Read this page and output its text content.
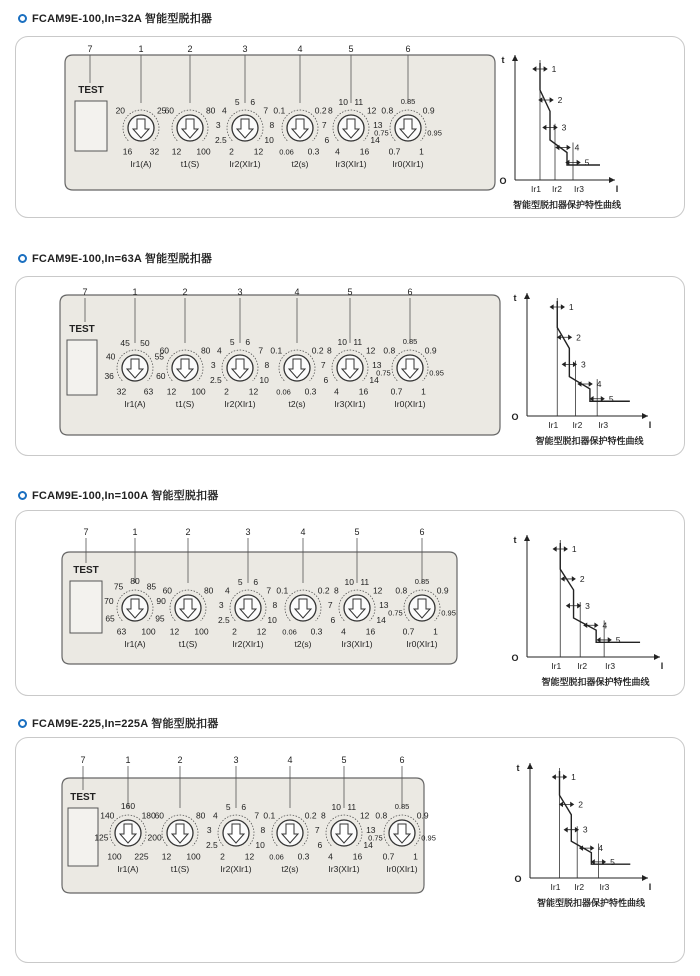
FCAM9E-100,In=32A 智能型脱扣器
FCAM9E-100,In=63A 智能型脱扣器
FCAM9E-100,In=100A 智能型脱扣器
FCAM9E-225,In=225A 智能型脱扣器
TEST
7	1
16
20	25
32
Ir1(A)
2
12
60	80
100
t1(S)
3
2
2.5
3
4
5 6
7
8
10
12
Ir2(XIr1)
4
0.06
0.1	0.2
0.3
t2(s)
5
4
6
7
8
10 11
12
13
14
16
Ir3(XIr1)
6
0.7
0.75
0.8
0.85
0.9
0.95
1
Ir0(XIr1)
t
I
O
Ir1 Ir2 Ir3
1
2
3
4
5
智能型脱扣器保护特性曲线
TEST
7	1
32
36
40
45 50
55
60
63
Ir1(A)
2
12
60	80
100
t1(S)
3
2
2.5
3
4
5 6
7
8
10
12
Ir2(XIr1)
4
0.06
0.1	0.2
0.3
t2(s)
5
4
6
7
8
10 11
12
13
14
16
Ir3(XIr1)
6
0.7
0.75
0.8
0.85
0.9
0.95
1
Ir0(XIr1)
t
I
O
Ir1 Ir2 Ir3
1
2
3
4
5
智能型脱扣器保护特性曲线
TEST
7	1
63
65
70
75
80
85
90
95
100
Ir1(A)
2
12
60	80
100
t1(S)
3
2
2.5
3
4
5 6
7
8
10
12
Ir2(XIr1)
4
0.06
0.1	0.2
0.3
t2(s)
5
4
6
7
8
10 11
12
13
14
16
Ir3(XIr1)
6
0.7
0.75
0.8
0.85
0.9
0.95
1
Ir0(XIr1)
t
I
O
Ir1 Ir2 Ir3
1
2
3
4
5
智能型脱扣器保护特性曲线
TEST
7	1
100
125
140
160
180
200
225
Ir1(A)
2
12
60	80
100
t1(S)
3
2
2.5
3
4
5 6
7
8
10
12
Ir2(XIr1)
4
0.06
0.1	0.2
0.3
t2(s)
5
4
6
7
8
10 11
12
13
14
16
Ir3(XIr1)
6
0.7
0.75
0.8
0.85
0.9
0.95
1
Ir0(XIr1)
t
I
O
Ir1 Ir2 Ir3
1
2
3
4
5
智能型脱扣器保护特性曲线
